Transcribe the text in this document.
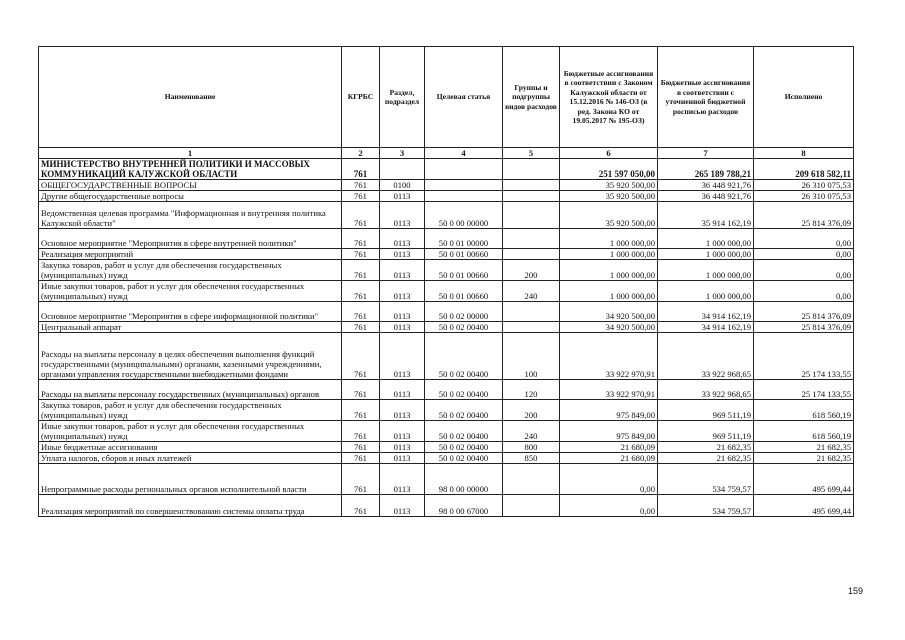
Наименование	КГРБС	Раздел, подраздел	Целевая статья	Группы и подгруппы видов расходов	Бюджетные ассигнования в соответствии с Законом Калужской области от 15.12.2016 № 146-ОЗ (в ред. Закона КО от 19.05.2017 № 195-ОЗ)	Бюджетные ассигнования в соответствии с уточненной бюджетной росписью расходов	Исполнено
1	2	3	4	5	6	7	8
МИНИСТЕРСТВО ВНУТРЕННЕЙ ПОЛИТИКИ И МАССОВЫХ КОММУНИКАЦИЙ КАЛУЖСКОЙ ОБЛАСТИ	761				251 597 050,00	265 189 788,21	209 618 582,11
ОБЩЕГОСУДАРСТВЕННЫЕ ВОПРОСЫ	761	0100			35 920 500,00	36 448 921,76	26 310 075,53
Другие общегосударственные вопросы	761	0113			35 920 500,00	36 448 921,76	26 310 075,53
Ведомственная целевая программа "Информационная и внутренняя политика Калужской области"	761	0113	50 0 00 00000		35 920 500,00	35 914 162,19	25 814 376,09
Основное мероприятие "Мероприятия в сфере внутренней политики"	761	0113	50 0 01 00000		1 000 000,00	1 000 000,00	0,00
Реализация мероприятий	761	0113	50 0 01 00660		1 000 000,00	1 000 000,00	0,00
Закупка товаров, работ и услуг для обеспечения государственных (муниципальных) нужд	761	0113	50 0 01 00660	200	1 000 000,00	1 000 000,00	0,00
Иные закупки товаров, работ и услуг для обеспечения государственных (муниципальных) нужд	761	0113	50 0 01 00660	240	1 000 000,00	1 000 000,00	0,00
Основное мероприятие "Мероприятия в сфере информационной политики"	761	0113	50 0 02 00000		34 920 500,00	34 914 162,19	25 814 376,09
Центральный аппарат	761	0113	50 0 02 00400		34 920 500,00	34 914 162,19	25 814 376,09
Расходы на выплаты персоналу в целях обеспечения выполнения функций государственными (муниципальными) органами, казенными учреждениями, органами управления государственными внебюджетными фондами	761	0113	50 0 02 00400	100	33 922 970,91	33 922 968,65	25 174 133,55
Расходы на выплаты персоналу государственных (муниципальных) органов	761	0113	50 0 02 00400	120	33 922 970,91	33 922 968,65	25 174 133,55
Закупка товаров, работ и услуг для обеспечения государственных (муниципальных) нужд	761	0113	50 0 02 00400	200	975 849,00	969 511,19	618 560,19
Иные закупки товаров, работ и услуг для обеспечения государственных (муниципальных) нужд	761	0113	50 0 02 00400	240	975 849,00	969 511,19	618 560,19
Иные бюджетные ассигнования	761	0113	50 0 02 00400	800	21 680,09	21 682,35	21 682,35
Уплата налогов, сборов и иных платежей	761	0113	50 0 02 00400	850	21 680,09	21 682,35	21 682,35
Непрограммные расходы региональных органов исполнительной власти	761	0113	98 0 00 00000		0,00	534 759,57	495 699,44
Реализация мероприятий по совершенствованию системы оплаты труда	761	0113	98 0 00 67000		0,00	534 759,57	495 699,44
159
